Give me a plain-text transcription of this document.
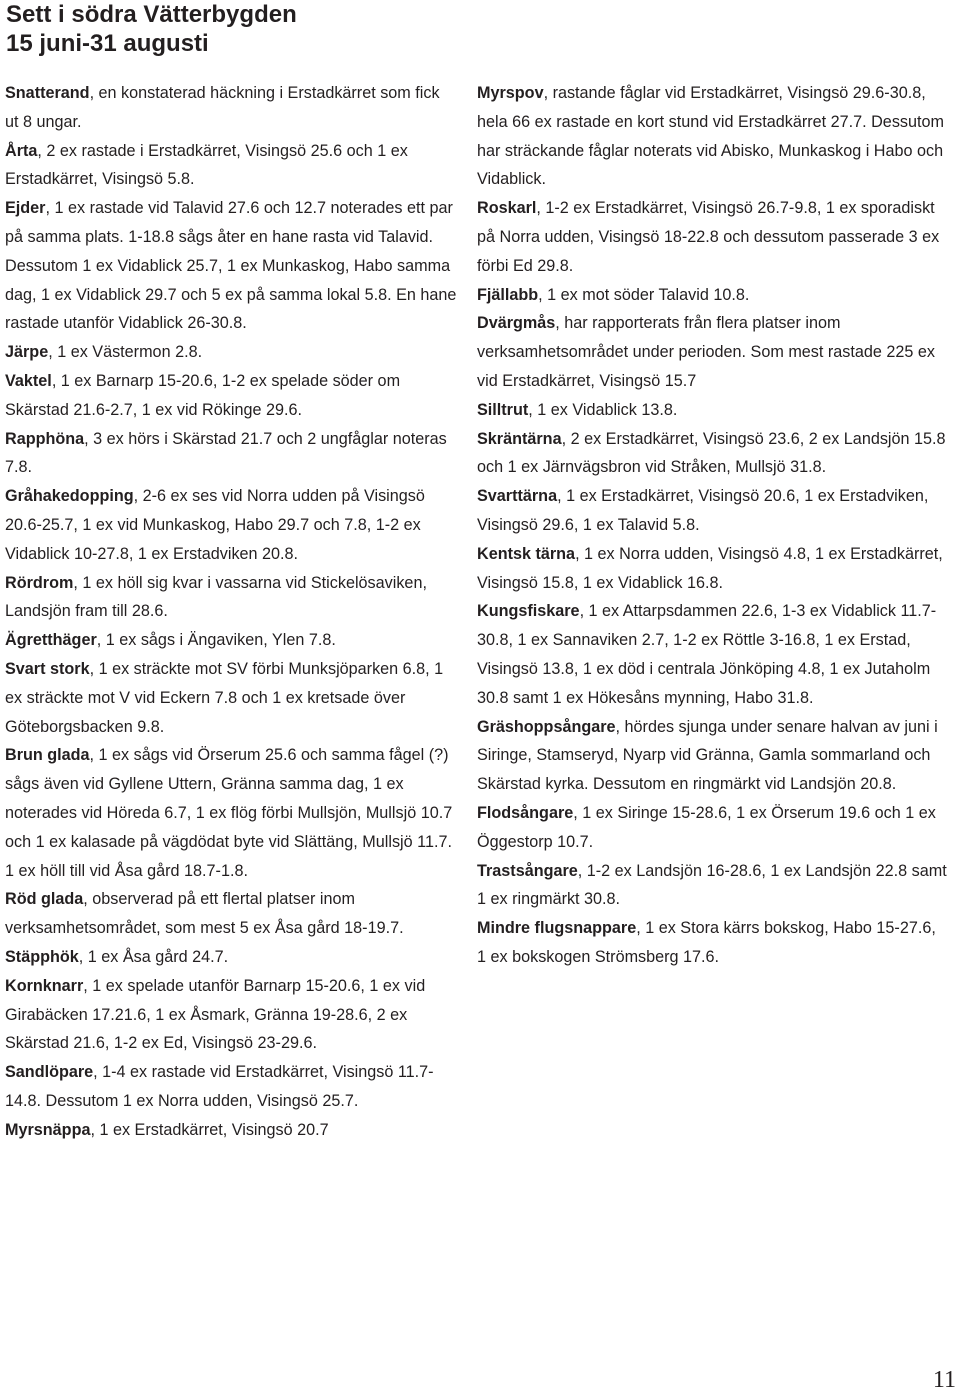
Sett i södra Vätterbygden
15 juni-31 augusti

Snatterand, en konstaterad häckning i Erstadkärret som fick ut 8 ungar.

Årta, 2 ex rastade i Erstadkärret, Visingsö 25.6 och 1 ex Erstadkärret, Visingsö 5.8.

Ejder, 1 ex rastade vid Talavid 27.6 och 12.7 noterades ett par på samma plats. 1-18.8 sågs åter en hane rasta vid Talavid. Dessutom 1 ex Vidablick 25.7, 1 ex Munkaskog, Habo samma dag, 1 ex Vidablick 29.7 och 5 ex på samma lokal 5.8. En hane rastade utanför Vidablick 26-30.8.

Järpe, 1 ex Västermon 2.8.

Vaktel, 1 ex Barnarp 15-20.6, 1-2 ex spelade söder om Skärstad 21.6-2.7, 1 ex vid Rökinge 29.6.

Rapphöna, 3 ex hörs i Skärstad 21.7 och 2 ungfåglar noteras 7.8.

Gråhakedopping, 2-6 ex ses vid Norra udden på Visingsö 20.6-25.7, 1 ex vid Munkaskog, Habo 29.7 och 7.8, 1-2 ex Vidablick 10-27.8, 1 ex Erstadviken 20.8.

Rördrom, 1 ex höll sig kvar i vassarna vid Stickelösaviken, Landsjön fram till 28.6.

Ägretthäger, 1 ex sågs i Ängaviken, Ylen 7.8.

Svart stork, 1 ex sträckte mot SV förbi Munksjöparken 6.8, 1 ex sträckte mot V vid Eckern 7.8 och 1 ex kretsade över Göteborgsbacken 9.8.

Brun glada, 1 ex sågs vid Örserum 25.6 och samma fågel (?) sågs även vid Gyllene Uttern, Gränna samma dag, 1 ex noterades vid Höreda 6.7, 1 ex flög förbi Mullsjön, Mullsjö 10.7 och 1 ex kalasade på vägdödat byte vid Slättäng, Mullsjö 11.7. 1 ex höll till vid Åsa gård 18.7-1.8.

Röd glada, observerad på ett flertal platser inom verksamhetsområdet, som mest 5 ex Åsa gård 18-19.7.

Stäpphök, 1 ex Åsa gård 24.7.

Kornknarr, 1 ex spelade utanför Barnarp 15-20.6, 1 ex vid Girabäcken 17.21.6, 1 ex Åsmark, Gränna 19-28.6, 2 ex Skärstad 21.6, 1-2 ex Ed, Visingsö 23-29.6.

Sandlöpare, 1-4 ex rastade vid Erstadkärret, Visingsö 11.7-14.8. Dessutom 1 ex Norra udden, Visingsö 25.7.

Myrsnäppa, 1 ex Erstadkärret, Visingsö 20.7

Myrspov, rastande fåglar vid Erstadkärret, Visingsö 29.6-30.8, hela 66 ex rastade en kort stund vid Erstadkärret 27.7. Dessutom har sträckande fåglar noterats vid Abisko, Munkaskog i Habo och Vidablick.

Roskarl, 1-2 ex Erstadkärret, Visingsö 26.7-9.8, 1 ex sporadiskt på Norra udden, Visingsö 18-22.8 och dessutom passerade 3 ex förbi Ed 29.8.

Fjällabb, 1 ex mot söder Talavid 10.8.

Dvärgmås, har rapporterats från flera platser inom verksamhetsområdet under perioden. Som mest rastade 225 ex vid Erstadkärret, Visingsö 15.7

Silltrut, 1 ex Vidablick 13.8.

Skräntärna, 2 ex Erstadkärret, Visingsö 23.6, 2 ex Landsjön 15.8 och 1 ex Järnvägsbron vid Stråken, Mullsjö 31.8.

Svarttärna, 1 ex Erstadkärret, Visingsö 20.6, 1 ex Erstadviken, Visingsö 29.6, 1 ex Talavid 5.8.

Kentsk tärna, 1 ex Norra udden, Visingsö 4.8, 1 ex Erstadkärret, Visingsö 15.8, 1 ex Vidablick 16.8.

Kungsfiskare, 1 ex Attarpsdammen 22.6, 1-3 ex Vidablick 11.7-30.8, 1 ex Sannaviken 2.7, 1-2 ex Röttle 3-16.8, 1 ex Erstad, Visingsö 13.8, 1 ex död i centrala Jönköping 4.8, 1 ex Jutaholm 30.8 samt 1 ex Hökesåns mynning, Habo 31.8.

Gräshoppsångare, hördes sjunga under senare halvan av juni i Siringe, Stamseryd, Nyarp vid Gränna, Gamla sommarland och Skärstad kyrka. Dessutom en ringmärkt vid Landsjön 20.8.

Flodsångare, 1 ex Siringe 15-28.6, 1 ex Örserum 19.6 och 1 ex Öggestorp 10.7.

Trastsångare, 1-2 ex Landsjön 16-28.6, 1 ex Landsjön 22.8 samt 1 ex ringmärkt 30.8.

Mindre flugsnappare, 1 ex Stora kärrs bokskog, Habo 15-27.6, 1 ex bokskogen Strömsberg 17.6.

11
